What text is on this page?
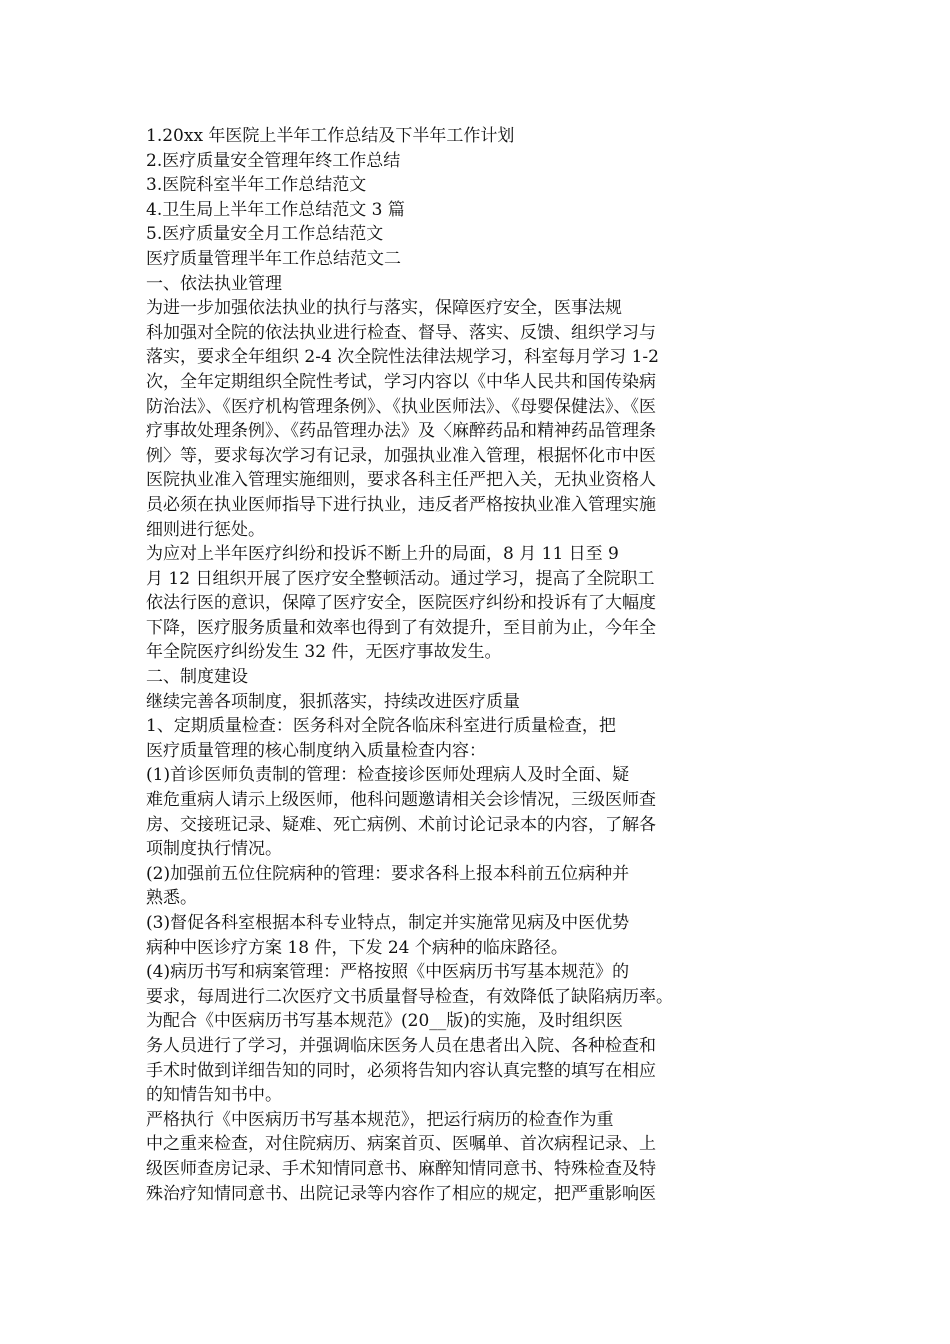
1.20xx 年医院上半年工作总结及下半年工作计划
2.医疗质量安全管理年终工作总结
3.医院科室半年工作总结范文
4.卫生局上半年工作总结范文 3 篇
5.医疗质量安全月工作总结范文
医疗质量管理半年工作总结范文二
一、依法执业管理
为进一步加强依法执业的执行与落实，保障医疗安全，医事法规
科加强对全院的依法执业进行检查、督导、落实、反馈、组织学习与
落实，要求全年组织 2-4 次全院性法律法规学习，科室每月学习 1-2
次，全年定期组织全院性考试，学习内容以《中华人民共和国传染病
防治法》、《医疗机构管理条例》、《执业医师法》、《母婴保健法》、《医
疗事故处理条例》、《药品管理办法》及〈麻醉药品和精神药品管理条
例〉等，要求每次学习有记录，加强执业准入管理，根据怀化市中医
医院执业准入管理实施细则，要求各科主任严把入关，无执业资格人
员必须在执业医师指导下进行执业，违反者严格按执业准入管理实施
细则进行惩处。
为应对上半年医疗纠纷和投诉不断上升的局面，8 月 11 日至 9
月 12 日组织开展了医疗安全整顿活动。通过学习，提高了全院职工
依法行医的意识，保障了医疗安全，医院医疗纠纷和投诉有了大幅度
下降，医疗服务质量和效率也得到了有效提升，至目前为止，今年全
年全院医疗纠纷发生 32 件，无医疗事故发生。
二、制度建设
继续完善各项制度，狠抓落实，持续改进医疗质量
1、定期质量检查：医务科对全院各临床科室进行质量检查，把
医疗质量管理的核心制度纳入质量检查内容：
(1)首诊医师负责制的管理：检查接诊医师处理病人及时全面、疑
难危重病人请示上级医师，他科问题邀请相关会诊情况，三级医师查
房、交接班记录、疑难、死亡病例、术前讨论记录本的内容，了解各
项制度执行情况。
(2)加强前五位住院病种的管理：要求各科上报本科前五位病种并
熟悉。
(3)督促各科室根据本科专业特点，制定并实施常见病及中医优势
病种中医诊疗方案 18 件，下发 24 个病种的临床路径。
(4)病历书写和病案管理：严格按照《中医病历书写基本规范》的
要求，每周进行二次医疗文书质量督导检查，有效降低了缺陷病历率。
为配合《中医病历书写基本规范》(20__版)的实施，及时组织医
务人员进行了学习，并强调临床医务人员在患者出入院、各种检查和
手术时做到详细告知的同时，必须将告知内容认真完整的填写在相应
的知情告知书中。
严格执行《中医病历书写基本规范》，把运行病历的检查作为重
中之重来检查，对住院病历、病案首页、医嘱单、首次病程记录、上
级医师查房记录、手术知情同意书、麻醉知情同意书、特殊检查及特
殊治疗知情同意书、出院记录等内容作了相应的规定，把严重影响医
